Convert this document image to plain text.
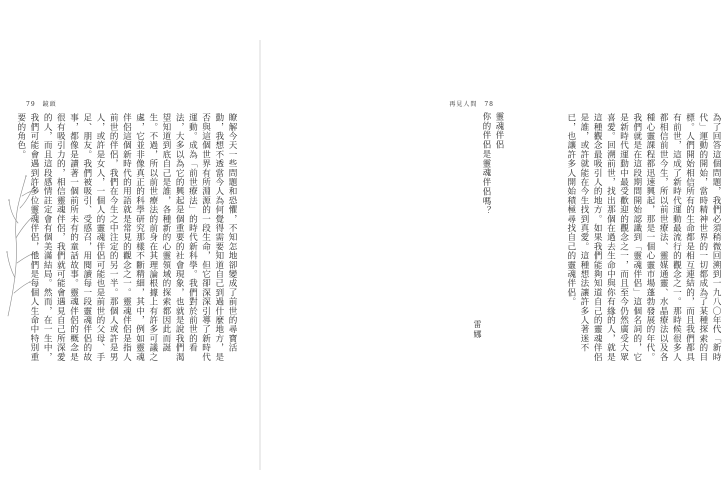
79 鏡頭
瞭解今天一些問題和恐懼，不知怎地卻變成了前世的尋寶活動，我想不透當今人為何覺得需要知道自己到過什麼地方，是否與這個世界有所淵源的一段生命，但它卻深深引導了新時代運動。成為「前世療法」的時代新科學。我們對於前世的看法，大多以為它的興起是個重要的社會現象，也就是說我們渴望知道到底自己是誰，各種新的心靈領域的探索都因此而誕生。不過，所以前世療法的前身在其理論根據上有許多可議之處，它並非像真正的科學研究那樣不斷精細，其中，例如靈魂伴侶這個新時代的用語就是常見的觀念之一。靈魂伴侶是指人前世的伴侶，我們在今生之中注定的另一半。那個人或許是男人，或許是女人，一個人的靈魂伴侶可能也是前世的父母、手足、朋友。我們被吸引、受感召，用閱讀每一段靈魂伴侶的故事，都像是讀著一個前所未有的童話故事。靈魂伴侶的概念是很有吸引力的，相信靈魂伴侶，我們就可能會遇見自己所深愛的人，而且這段感情註定會有個美滿結局。然而，在一生中，我們可能會遇到許多位靈魂伴侶，他們是每個人生命中特別重要的角色。
再見人間 78
為了回答這個問題，我們必須稍微回溯到一九八〇年代「新時代」運動的開始，當時精神世界的一切都成為了某種探索的目標。人們開始相信所有的生命都是相互連結的，而且我們都具有前世，這成了新時代運動最流行的觀念之一。那時候很多人都相信前世今生，所以前世療法、靈媒通靈、水晶療法以及各種心靈課程都迅速興起，那是一個心靈市場蓬勃發展的年代。我們就是在這段期間開始認識到「靈魂伴侶」這個名詞的，它是新時代運動中最受歡迎的觀念之一，而且至今仍然廣受大眾喜愛。回溯前世，找出那個在過去生命中與你有緣的人，就是這種觀念最吸引人的地方。如果我們能夠知道自己的靈魂伴侶是誰，或許就能在今生找到真愛。這種想法讓許多人著迷不已，也讓許多人開始積極尋找自己的靈魂伴侶。
靈魂伴侶
你的伴侶是靈魂伴侶嗎？
雷娜
